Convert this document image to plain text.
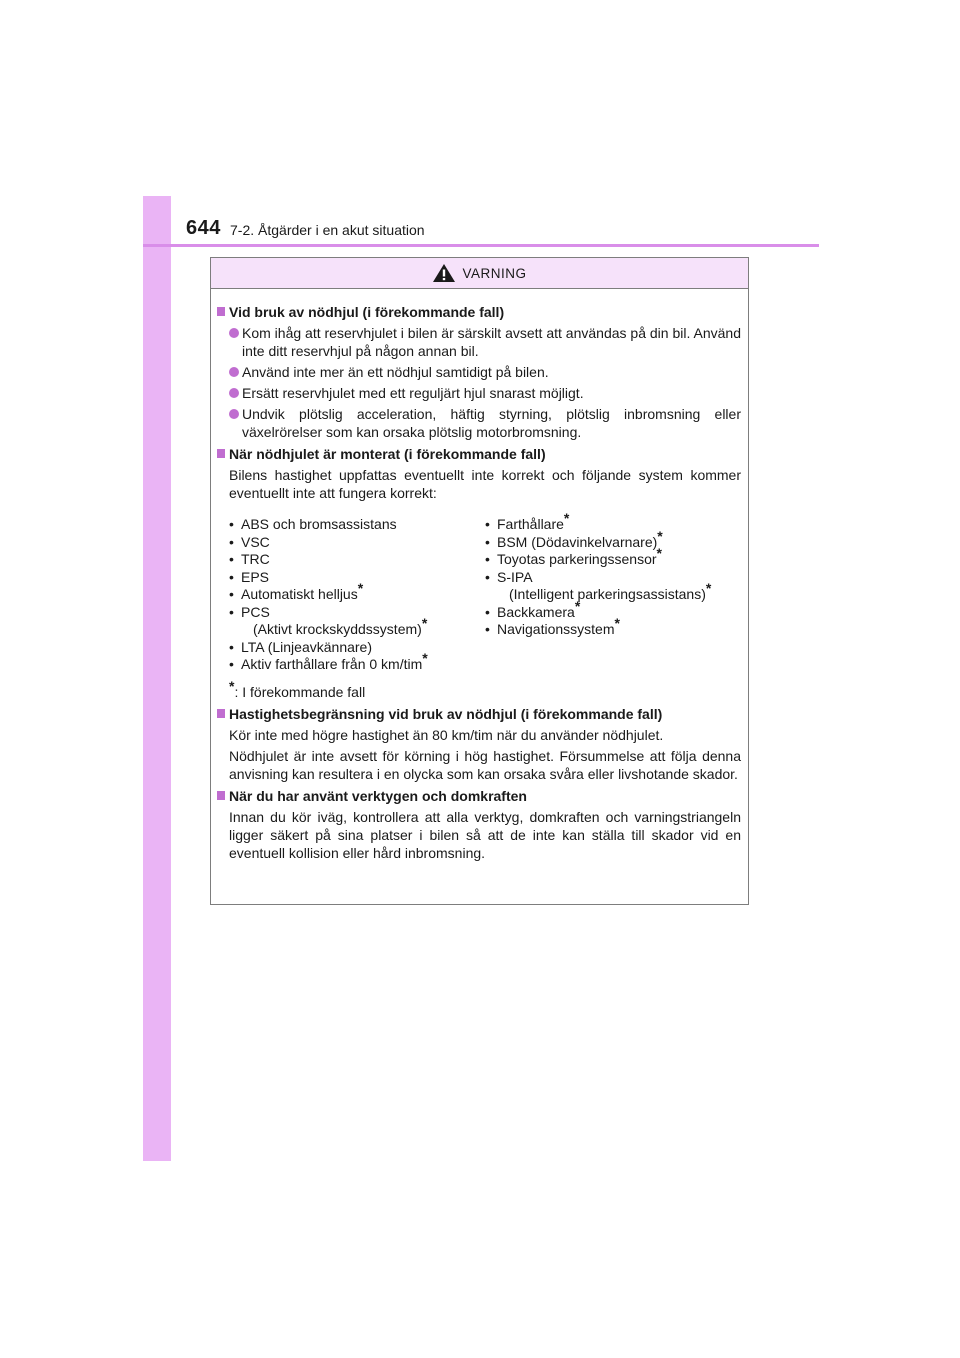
644 7-2. Åtgärder i en akut situation
VARNING
Vid bruk av nödhjul (i förekommande fall)
Kom ihåg att reservhjulet i bilen är särskilt avsett att användas på din bil. Använd inte ditt reservhjul på någon annan bil.
Använd inte mer än ett nödhjul samtidigt på bilen.
Ersätt reservhjulet med ett reguljärt hjul snarast möjligt.
Undvik plötslig acceleration, häftig styrning, plötslig inbromsning eller växelrörelser som kan orsaka plötslig motorbromsning.
När nödhjulet är monterat (i förekommande fall)
Bilens hastighet uppfattas eventuellt inte korrekt och följande system kommer eventuellt inte att fungera korrekt:
• ABS och bromsassistans
• VSC
• TRC
• EPS
• Automatiskt helljus*
• PCS
(Aktivt krockskyddssystem)*
• LTA (Linjeavkännare)
• Aktiv farthållare från 0 km/tim*
• Farthållare*
• BSM (Dödavinkelvarnare)*
• Toyotas parkeringssensor*
• S-IPA
(Intelligent parkeringsassistans)*
• Backkamera*
• Navigationssystem*
*: I förekommande fall
Hastighetsbegränsning vid bruk av nödhjul (i förekommande fall)
Kör inte med högre hastighet än 80 km/tim när du använder nödhjulet.
Nödhjulet är inte avsett för körning i hög hastighet. Försummelse att följa denna anvisning kan resultera i en olycka som kan orsaka svåra eller livshotande skador.
När du har använt verktygen och domkraften
Innan du kör iväg, kontrollera att alla verktyg, domkraften och varningstriangeln ligger säkert på sina platser i bilen så att de inte kan ställa till skador vid en eventuell kollision eller hård inbromsning.
